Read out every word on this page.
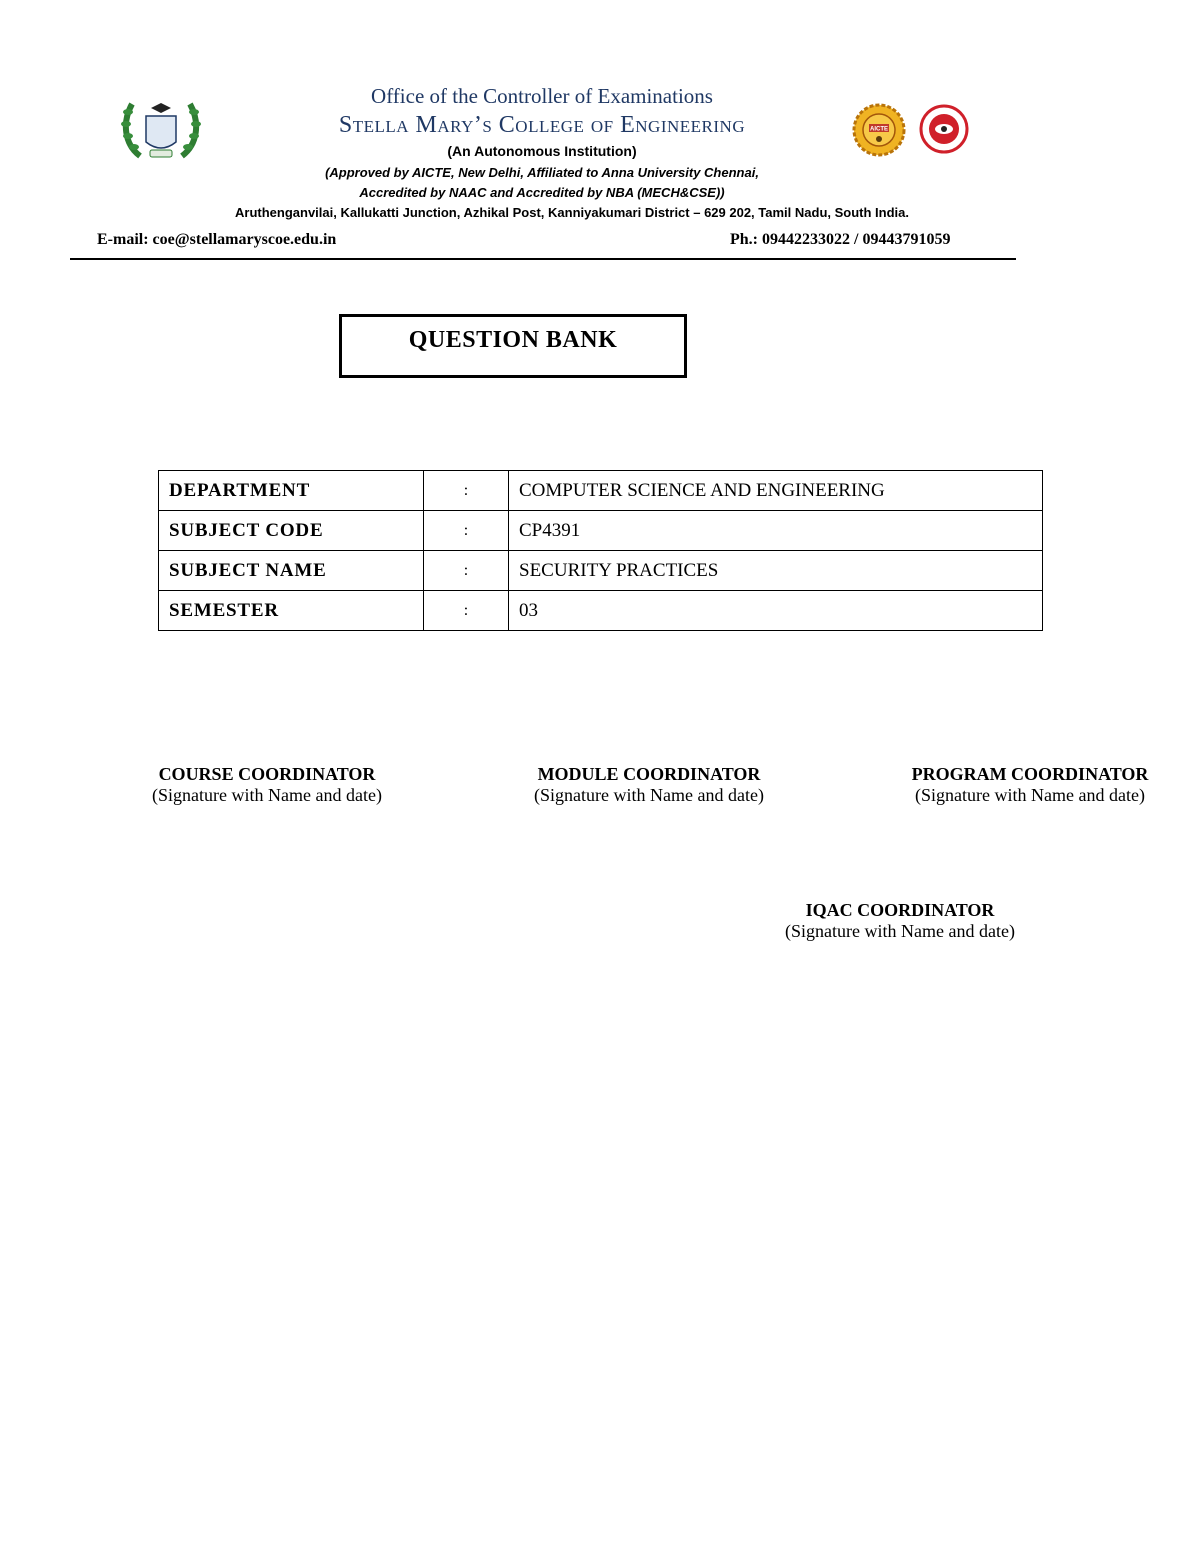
AICTE
Office of the Controller of Examinations
Stella Mary’s College of Engineering
(An Autonomous Institution)
(Approved by AICTE, New Delhi, Affiliated to Anna University Chennai,
Accredited by NAAC and Accredited by NBA (MECH&CSE))
Aruthenganvilai, Kallukatti Junction, Azhikal Post, Kanniyakumari District – 629 202, Tamil Nadu, South India.
E-mail: coe@stellamaryscoe.edu.in	Ph.: 09442233022 / 09443791059
QUESTION BANK
DEPARTMENT	:	COMPUTER SCIENCE AND ENGINEERING
SUBJECT CODE	:	CP4391
SUBJECT NAME	:	SECURITY PRACTICES
SEMESTER	:	03
COURSE COORDINATOR
(Signature with Name and date)
MODULE COORDINATOR
(Signature with Name and date)
PROGRAM COORDINATOR
(Signature with Name and date)
IQAC COORDINATOR
(Signature with Name and date)
